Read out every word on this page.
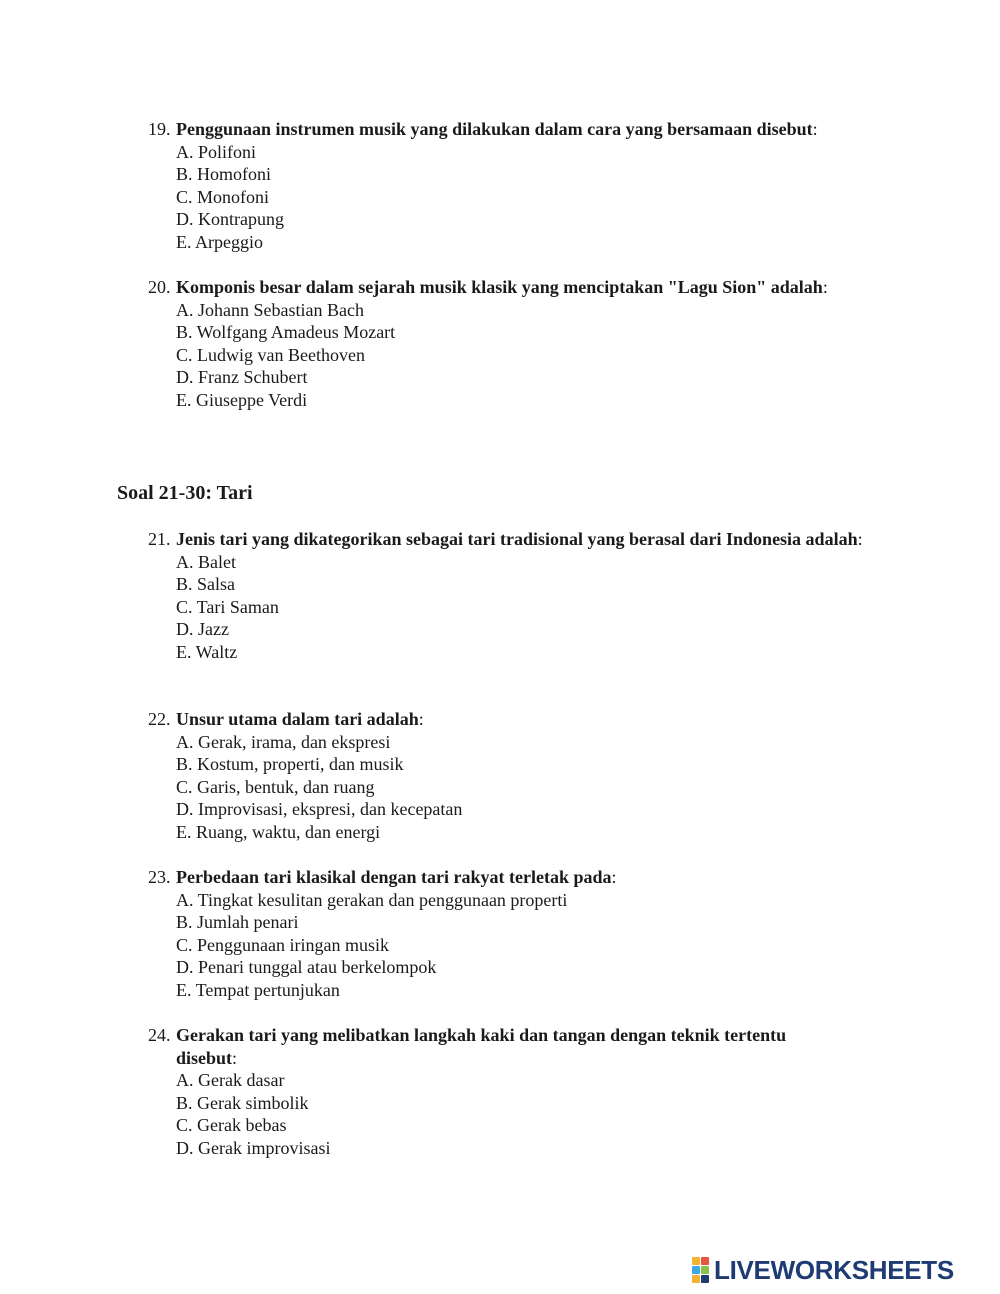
19. Penggunaan instrumen musik yang dilakukan dalam cara yang bersamaan disebut:
A. Polifoni
B. Homofoni
C. Monofoni
D. Kontrapung
E. Arpeggio
20. Komponis besar dalam sejarah musik klasik yang menciptakan "Lagu Sion" adalah:
A. Johann Sebastian Bach
B. Wolfgang Amadeus Mozart
C. Ludwig van Beethoven
D. Franz Schubert
E. Giuseppe Verdi
Soal 21-30: Tari
21. Jenis tari yang dikategorikan sebagai tari tradisional yang berasal dari Indonesia adalah:
A. Balet
B. Salsa
C. Tari Saman
D. Jazz
E. Waltz
22. Unsur utama dalam tari adalah:
A. Gerak, irama, dan ekspresi
B. Kostum, properti, dan musik
C. Garis, bentuk, dan ruang
D. Improvisasi, ekspresi, dan kecepatan
E. Ruang, waktu, dan energi
23. Perbedaan tari klasikal dengan tari rakyat terletak pada:
A. Tingkat kesulitan gerakan dan penggunaan properti
B. Jumlah penari
C. Penggunaan iringan musik
D. Penari tunggal atau berkelompok
E. Tempat pertunjukan
24. Gerakan tari yang melibatkan langkah kaki dan tangan dengan teknik tertentu disebut:
A. Gerak dasar
B. Gerak simbolik
C. Gerak bebas
D. Gerak improvisasi
LIVEWORKSHEETS
